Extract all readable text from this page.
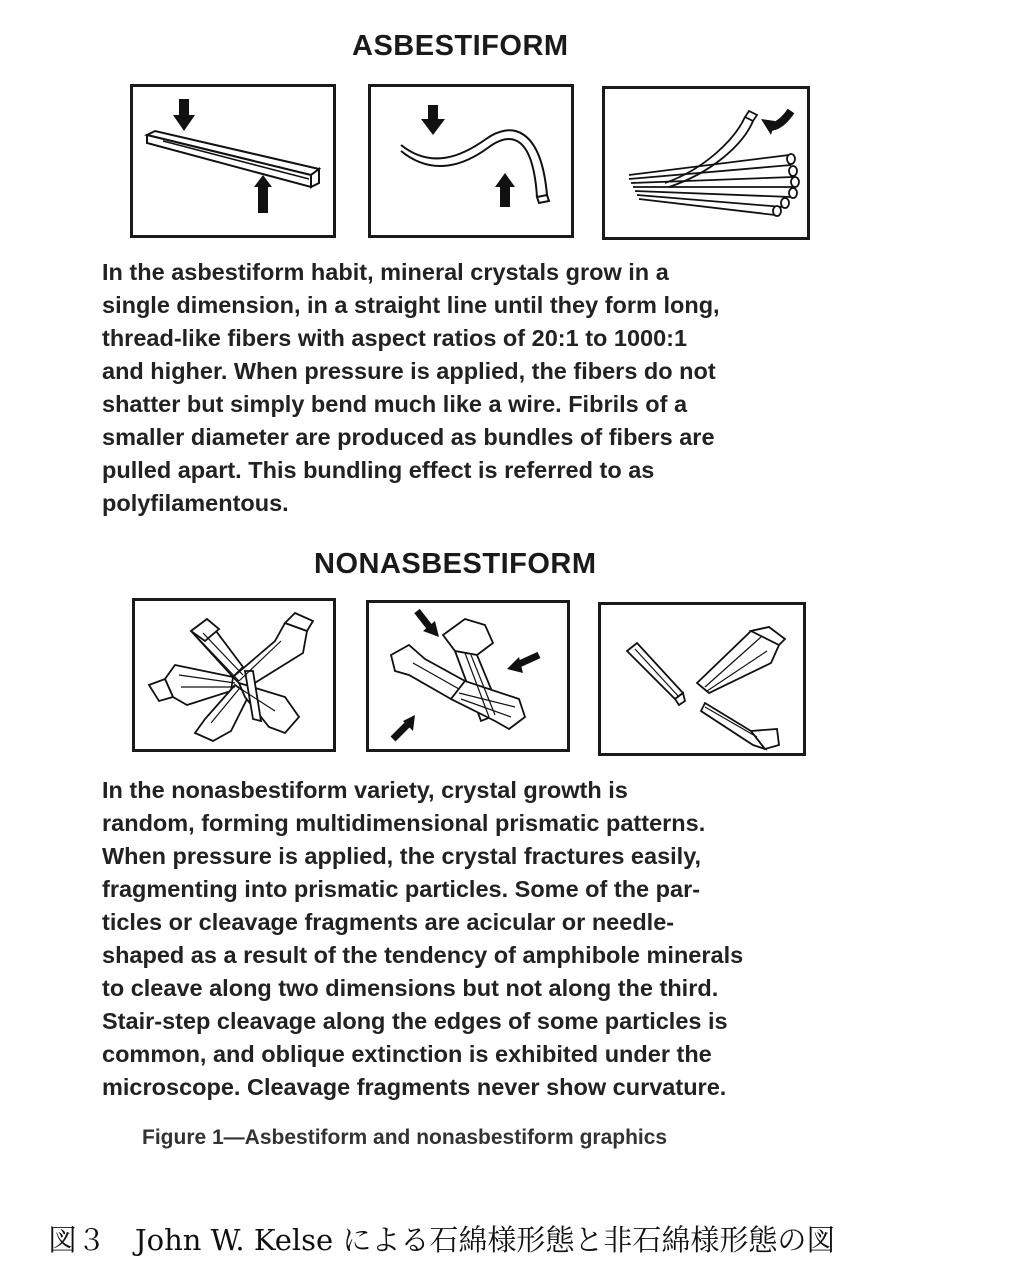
ASBESTIFORM
In the asbestiform habit, mineral crystals grow in a
single dimension, in a straight line until they form long,
thread-like fibers with aspect ratios of 20:1 to 1000:1
and higher. When pressure is applied, the fibers do not
shatter but simply bend much like a wire. Fibrils of a
smaller diameter are produced as bundles of fibers are
pulled apart. This bundling effect is referred to as
polyfilamentous.
NONASBESTIFORM
In the nonasbestiform variety, crystal growth is
random, forming multidimensional prismatic patterns.
When pressure is applied, the crystal fractures easily,
fragmenting into prismatic particles. Some of the par-
ticles or cleavage fragments are acicular or needle-
shaped as a result of the tendency of amphibole minerals
to cleave along two dimensions but not along the third.
Stair-step cleavage along the edges of some particles is
common, and oblique extinction is exhibited under the
microscope. Cleavage fragments never show curvature.

Figure 1—Asbestiform and nonasbestiform graphics

図３　John W. Kelse による石綿様形態と非石綿様形態の図
